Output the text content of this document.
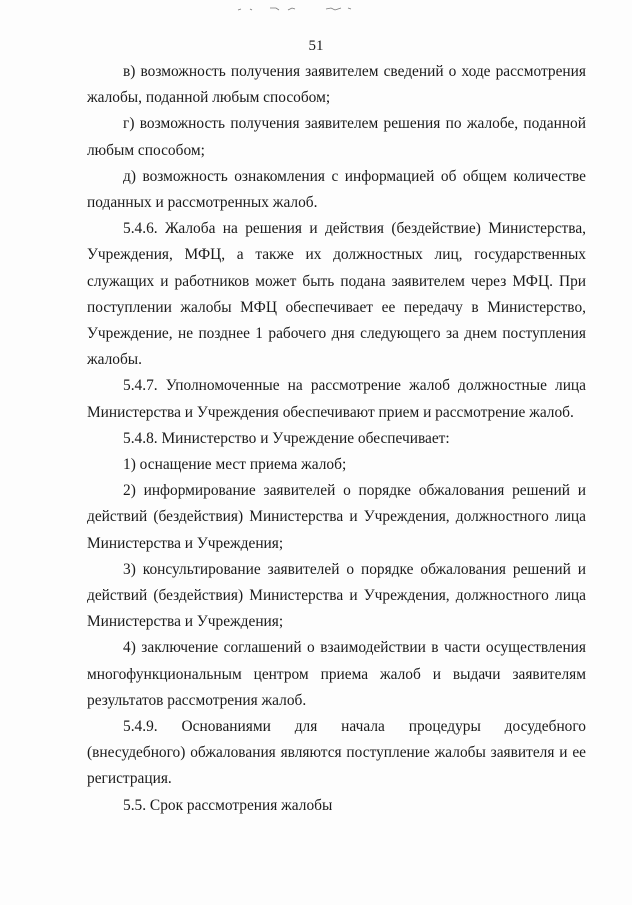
51

в) возможность получения заявителем сведений о ходе рассмотрения жалобы, поданной любым способом;

г) возможность получения заявителем решения по жалобе, поданной любым способом;

д) возможность ознакомления с информацией об общем количестве поданных и рассмотренных жалоб.

5.4.6. Жалоба на решения и действия (бездействие) Министерства, Учреждения, МФЦ, а также их должностных лиц, государственных служащих и работников может быть подана заявителем через МФЦ. При поступлении жалобы МФЦ обеспечивает ее передачу в Министерство, Учреждение, не позднее 1 рабочего дня следующего за днем поступления жалобы.

5.4.7. Уполномоченные на рассмотрение жалоб должностные лица Министерства и Учреждения обеспечивают прием и рассмотрение жалоб.

5.4.8. Министерство и Учреждение обеспечивает:

1) оснащение мест приема жалоб;

2) информирование заявителей о порядке обжалования решений и действий (бездействия) Министерства и Учреждения, должностного лица Министерства и Учреждения;

3) консультирование заявителей о порядке обжалования решений и действий (бездействия) Министерства и Учреждения, должностного лица Министерства и Учреждения;

4) заключение соглашений о взаимодействии в части осуществления многофункциональным центром приема жалоб и выдачи заявителям результатов рассмотрения жалоб.

5.4.9. Основаниями для начала процедуры досудебного (внесудебного) обжалования являются поступление жалобы заявителя и ее регистрация.

5.5. Срок рассмотрения жалобы
